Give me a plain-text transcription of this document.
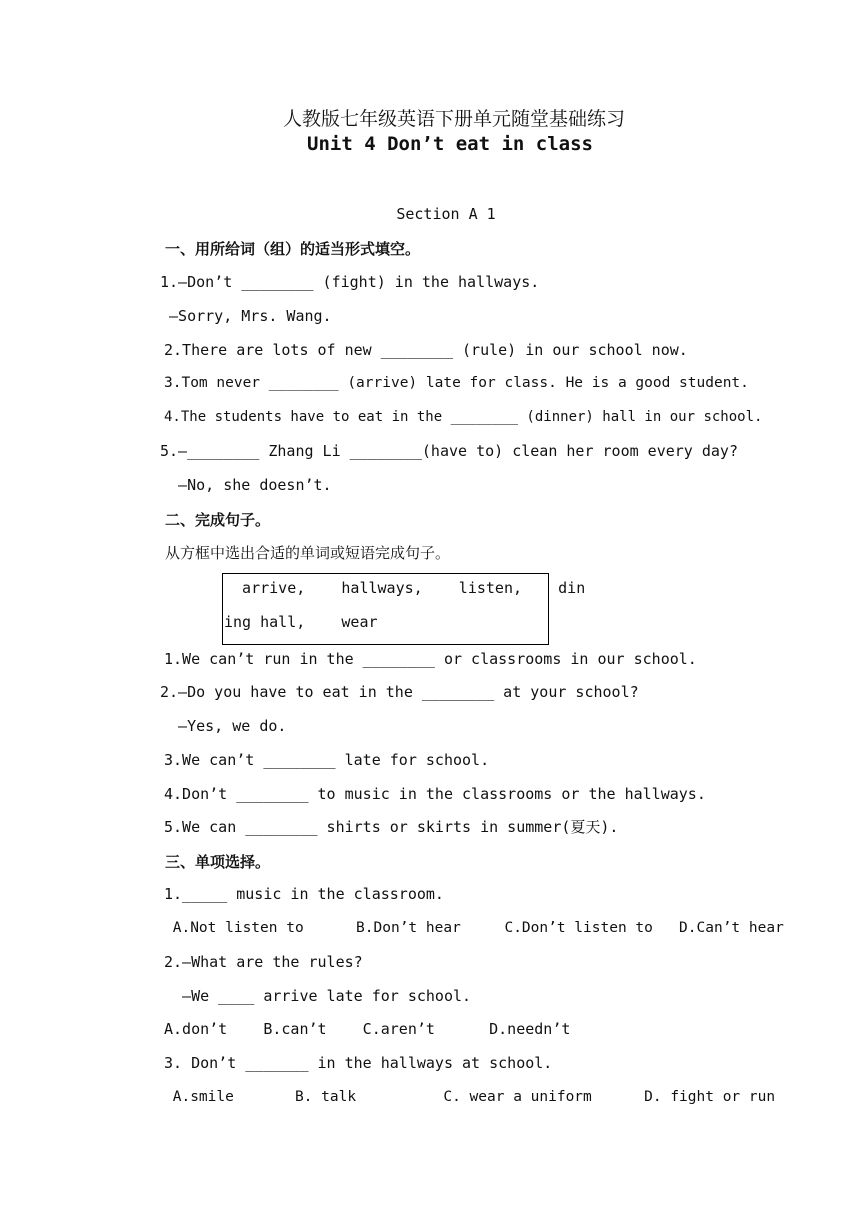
人教版七年级英语下册单元随堂基础练习
Unit 4 Don’t eat in class
Section A 1
一、用所给词（组）的适当形式填空。
1.—Don’t ________ (fight) in the hallways.
—Sorry, Mrs. Wang.
2.There are lots of new ________ (rule) in our school now.
3.Tom never ________ (arrive) late for class. He is a good student.
4.The students have to eat in the ________ (dinner) hall in our school.
5.—________ Zhang Li ________(have to) clean her room every day?
—No, she doesn’t.
二、完成句子。
从方框中选出合适的单词或短语完成句子。
arrive,    hallways,    listen,    din
ing hall,    wear
1.We can’t run in the ________ or classrooms in our school.
2.—Do you have to eat in the ________ at your school?
—Yes, we do.
3.We can’t ________ late for school.
4.Don’t ________ to music in the classrooms or the hallways.
5.We can ________ shirts or skirts in summer(夏天).
三、单项选择。
1._____ music in the classroom.
A.Not listen to      B.Don’t hear     C.Don’t listen to   D.Can’t hear
2.—What are the rules?
—We ____ arrive late for school.
A.don’t    B.can’t    C.aren’t      D.needn’t
3. Don’t _______ in the hallways at school.
A.smile       B. talk          C. wear a uniform      D. fight or run
